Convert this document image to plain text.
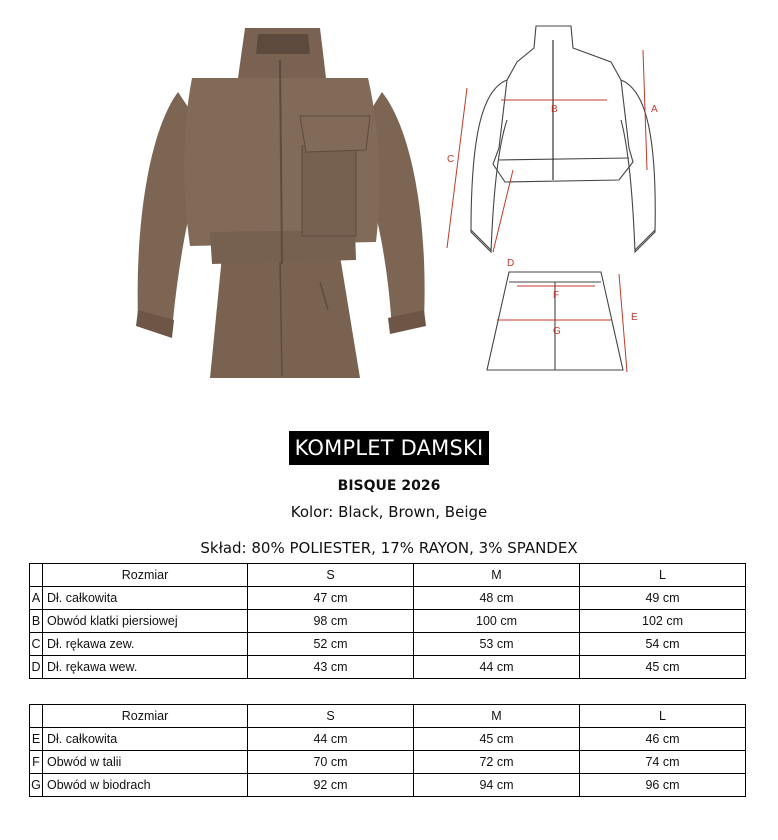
B	A
C
D
F
G
E
KOMPLET DAMSKI
BISQUE 2026
Kolor: Black, Brown, Beige
Skład: 80% POLIESTER, 17% RAYON, 3% SPANDEX
	Rozmiar	S	M	L
A	Dł. całkowita	47 cm	48 cm	49 cm
B	Obwód klatki piersiowej	98 cm	100 cm	102 cm
C	Dł. rękawa zew.	52 cm	53 cm	54 cm
D	Dł. rękawa wew.	43 cm	44 cm	45 cm
	Rozmiar	S	M	L
E	Dł. całkowita	44 cm	45 cm	46 cm
F	Obwód w talii	70 cm	72 cm	74 cm
G	Obwód w biodrach	92 cm	94 cm	96 cm
